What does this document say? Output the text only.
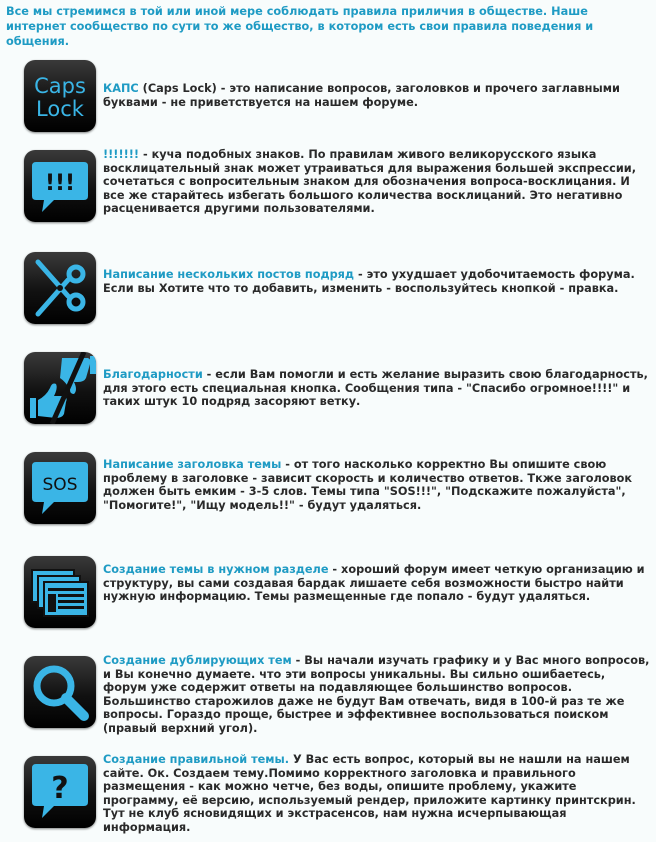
Все мы стремимся в той или иной мере соблюдать правила приличия в обществе. Наше интернет сообщество по сути то же общество, в котором есть свои правила поведения и общения.

Caps
Lock

КАПС (Caps Lock) - это написание вопросов, заголовков и прочего заглавными буквами - не приветствуется на нашем форуме.

!!!

!!!!!!! - куча подобных знаков. По правилам живого великорусского языка восклицательный знак может утраиваться для выражения большей экспрессии, сочетаться с вопросительным знаком для обозначения вопроса-восклицания. И все же старайтесь избегать большого количества восклицаний. Это негативно расценивается другими пользователями.

Написание нескольких постов подряд - это ухудшает удобочитаемость форума. Если вы Хотите что то добавить, изменить - воспользуйтесь кнопкой - правка.

Благодарности - если Вам помогли и есть желание выразить свою благодарность, для этого есть специальная кнопка. Сообщения типа - "Спасибо огромное!!!!" и таких штук 10 подряд засоряют ветку.

SOS

Написание заголовка темы - от того насколько корректно Вы опишите свою проблему в заголовке - зависит скорость и количество ответов. Ткже заголовок должен быть емким - 3-5 слов. Темы типа "SOS!!!", "Подскажите пожалуйста", "Помогите!", "Ищу модель!!" - будут удаляться.

Создание темы в нужном разделе - хороший форум имеет четкую организацию и структуру, вы сами создавая бардак лишаете себя возможности быстро найти нужную информацию. Темы размещенные где попало - будут удаляться.

Создание дублирующих тем - Вы начали изучать графику и у Вас много вопросов, и Вы конечно думаете. что эти вопросы уникальны. Вы сильно ошибаетесь, форум уже содержит ответы на подавляющее большинство вопросов. Большинство старожилов даже не будут Вам отвечать, видя в 100-й раз те же вопросы. Гораздо проще, быстрее и эффективнее воспользоваться поиском (правый верхний угол).

?

Создание правильной темы. У Вас есть вопрос, который вы не нашли на нашем сайте. Ок. Создаем тему.Помимо корректного заголовка и правильного размещения - как можно четче, без воды, опишите проблему, укажите программу, её версию, используемый рендер, приложите картинку принтскрин. Тут не клуб ясновидящих и экстрасенсов, нам нужна исчерпывающая информация.
